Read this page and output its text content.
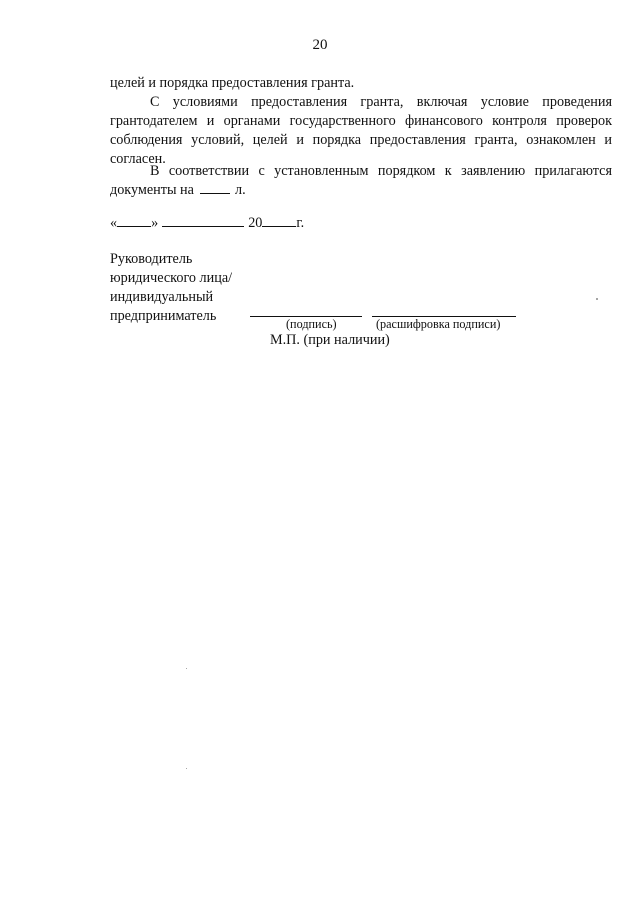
20
целей и порядка предоставления гранта.
С условиями предоставления гранта, включая условие проведения грантодателем и органами государственного финансового контроля проверок соблюдения условий, целей и порядка предоставления гранта, ознакомлен и согласен.
В соответствии с установленным порядком к заявлению прилагаются документы на	л.
« »	20 г.
Руководитель
юридического лица/
индивидуальный
предприниматель	(подпись)	(расшифровка подписи)
М.П. (при наличии)
